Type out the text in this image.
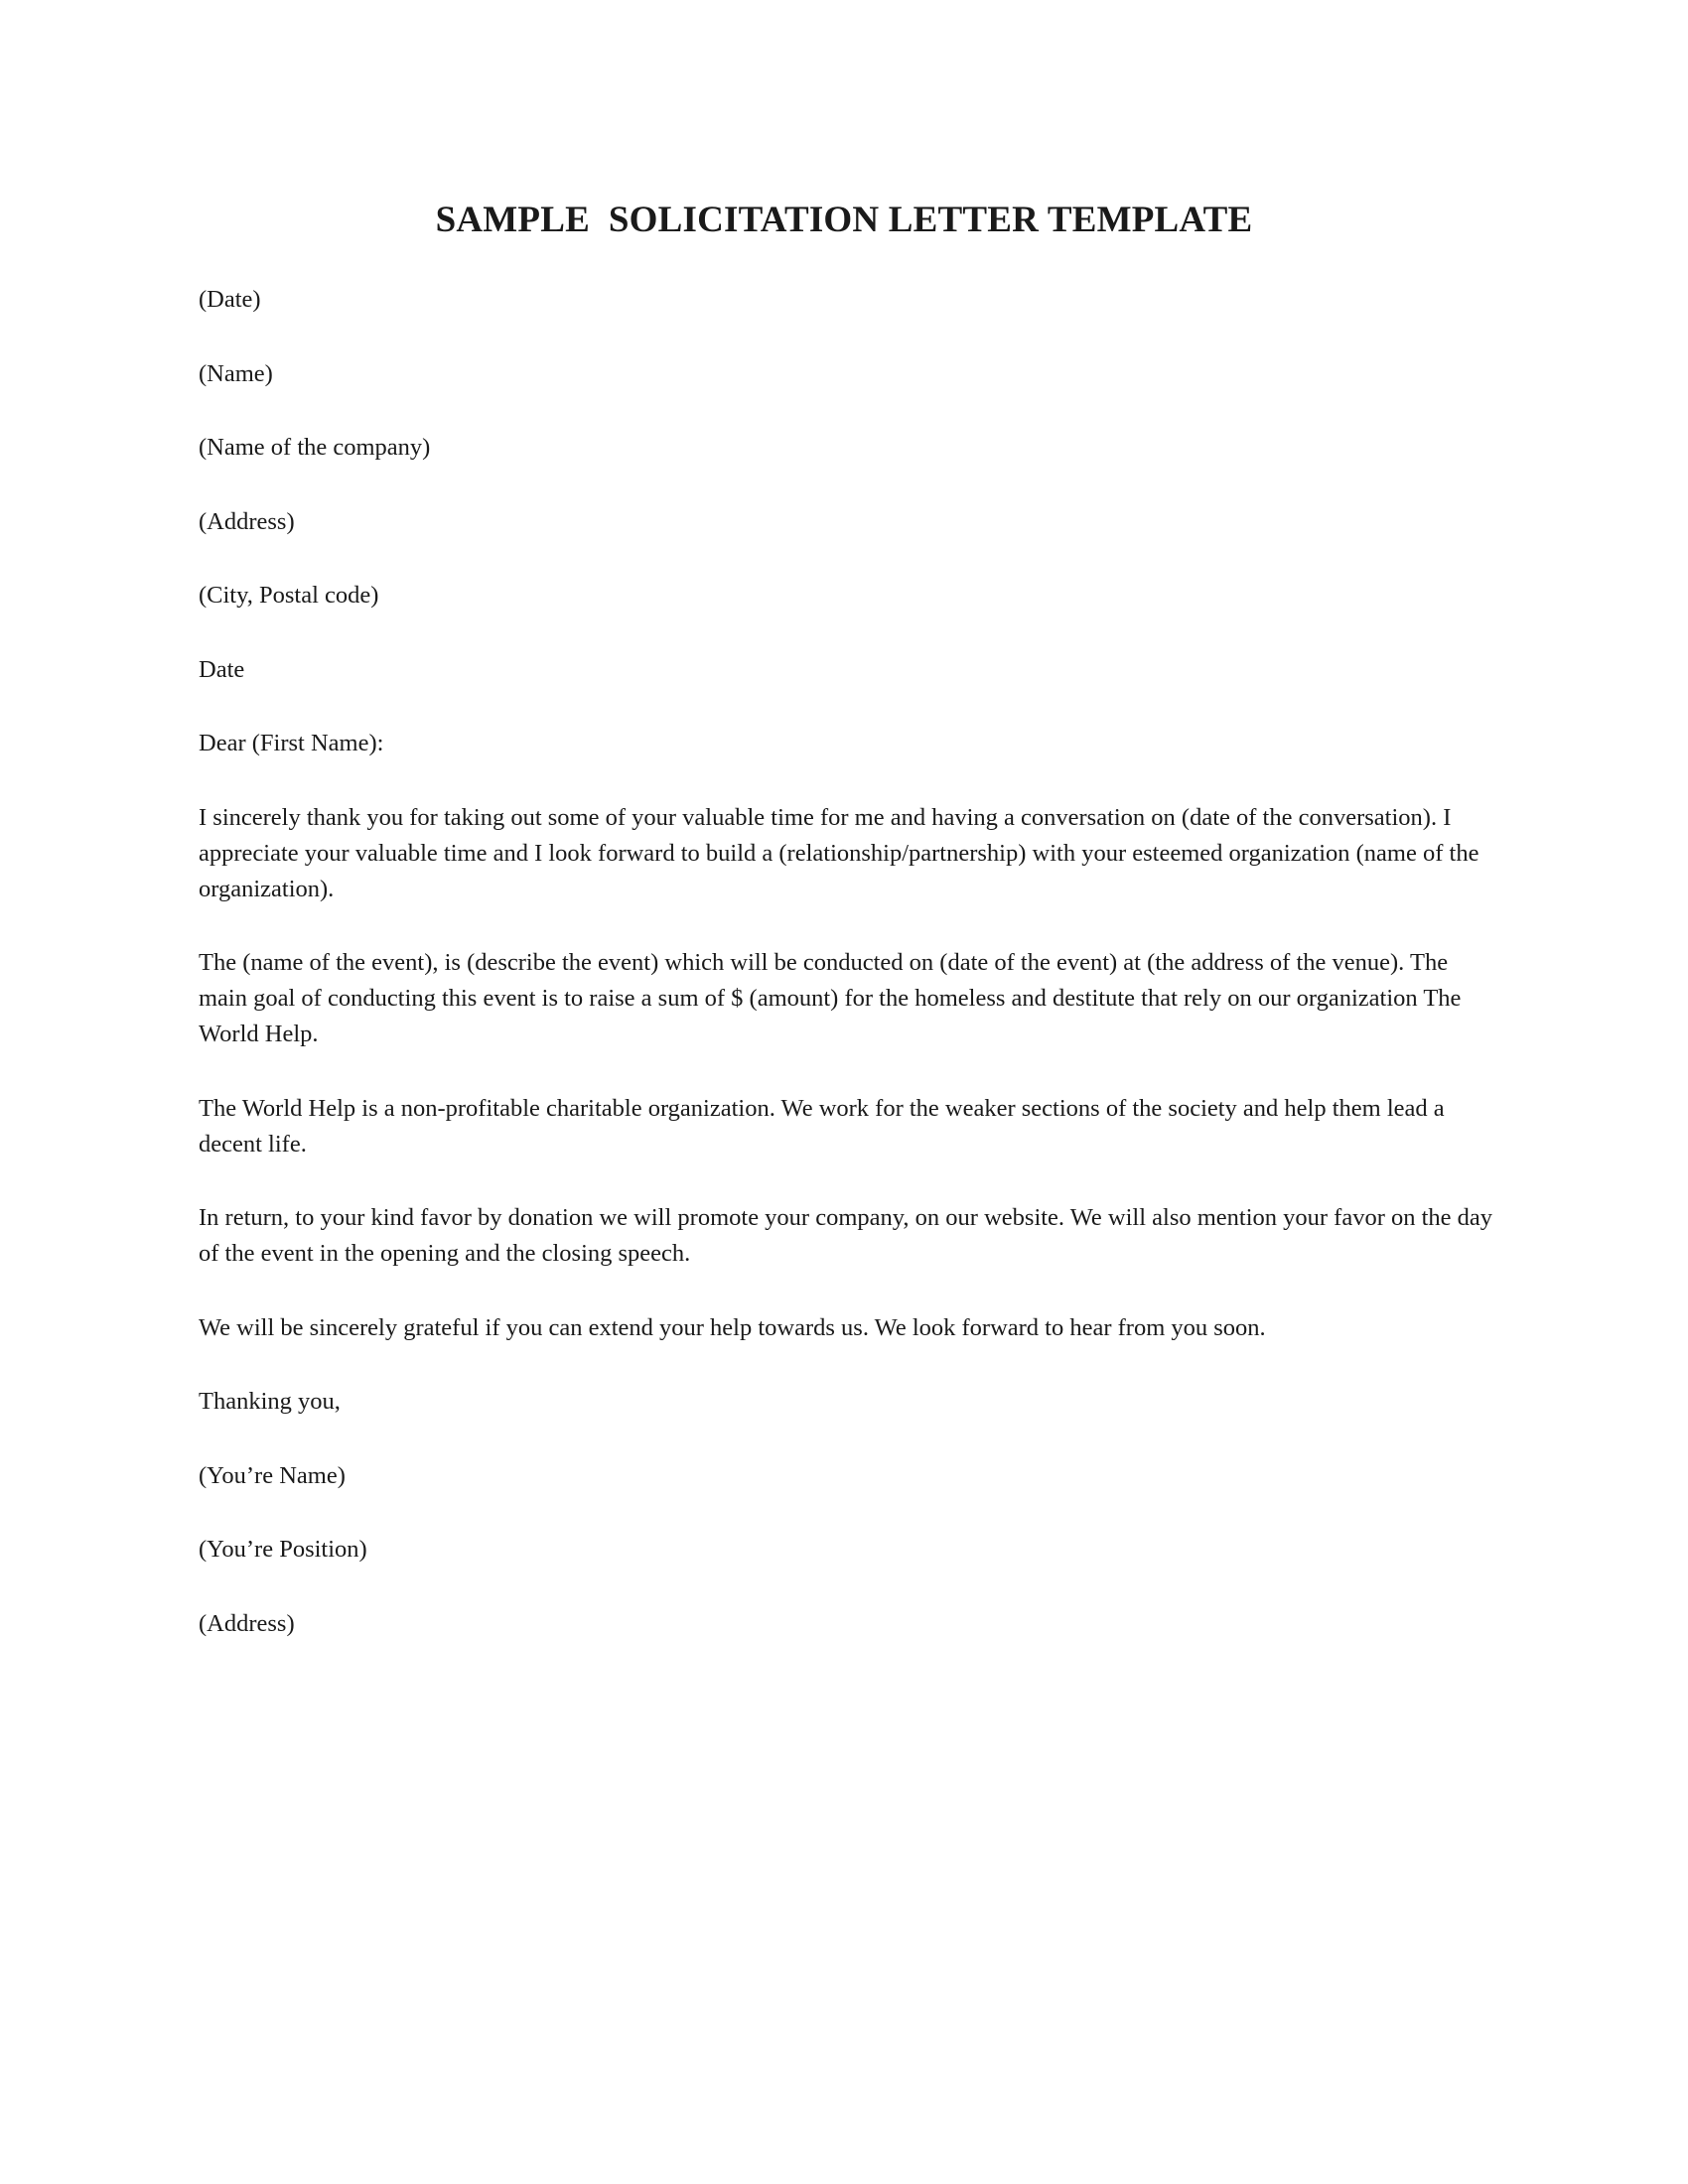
SAMPLE  SOLICITATION LETTER TEMPLATE

(Date)

(Name)

(Name of the company)

(Address)

(City, Postal code)

Date

Dear (First Name):

I sincerely thank you for taking out some of your valuable time for me and having a conversation on (date of the conversation). I appreciate your valuable time and I look forward to build a (relationship/partnership) with your esteemed organization (name of the organization).

The (name of the event), is (describe the event) which will be conducted on (date of the event) at (the address of the venue). The main goal of conducting this event is to raise a sum of $ (amount) for the homeless and destitute that rely on our organization The World Help.

The World Help is a non-profitable charitable organization. We work for the weaker sections of the society and help them lead a decent life.

In return, to your kind favor by donation we will promote your company, on our website. We will also mention your favor on the day of the event in the opening and the closing speech.

We will be sincerely grateful if you can extend your help towards us. We look forward to hear from you soon.

Thanking you,

(You’re Name)

(You’re Position)

(Address)
